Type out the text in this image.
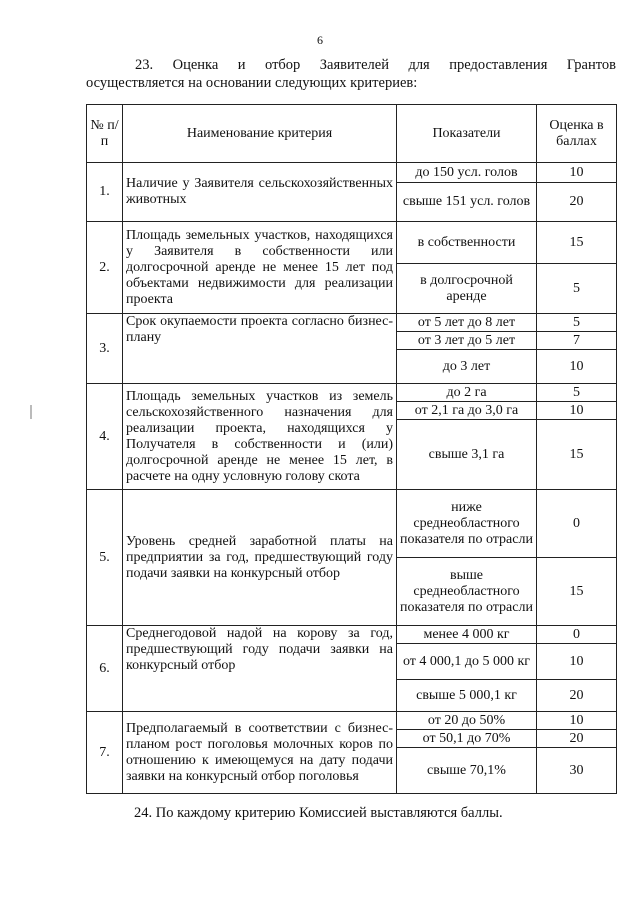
6
23. Оценка и отбор Заявителей для предоставления Грантов
осуществляется на основании следующих критериев:
№ п/п	Наименование критерия	Показатели	Оценка в баллах
1.	Наличие у Заявителя сельскохозяйственных животных	до 150 усл. голов	10
		свыше 151 усл. голов	20
2.	Площадь земельных участков, находящихся у Заявителя в собственности или долгосрочной аренде не менее 15 лет под объектами недвижимости для реализации проекта	в собственности	15
		в долгосрочной аренде	5
3.	Срок окупаемости проекта согласно бизнес-плану	от 5 лет до 8 лет	5
		от 3 лет до 5 лет	7
		до 3 лет	10
4.	Площадь земельных участков из земель сельскохозяйственного назначения для реализации проекта, находящихся у Получателя в собственности и (или) долгосрочной аренде не менее 15 лет, в расчете на одну условную голову скота	до 2 га	5
		от 2,1 га до 3,0 га	10
		свыше 3,1 га	15
5.	Уровень средней заработной платы на предприятии за год, предшествующий году подачи заявки на конкурсный отбор	ниже среднеобластного показателя по отрасли	0
		выше среднеобластного показателя по отрасли	15
6.	Среднегодовой надой на корову за год, предшествующий году подачи заявки на конкурсный отбор	менее 4 000 кг	0
		от 4 000,1 до 5 000 кг	10
		свыше 5 000,1 кг	20
7.	Предполагаемый в соответствии с бизнес-планом рост поголовья молочных коров по отношению к имеющемуся на дату подачи заявки на конкурсный отбор поголовья	от 20 до 50%	10
		от 50,1 до 70%	20
		свыше 70,1%	30
24. По каждому критерию Комиссией выставляются баллы.
